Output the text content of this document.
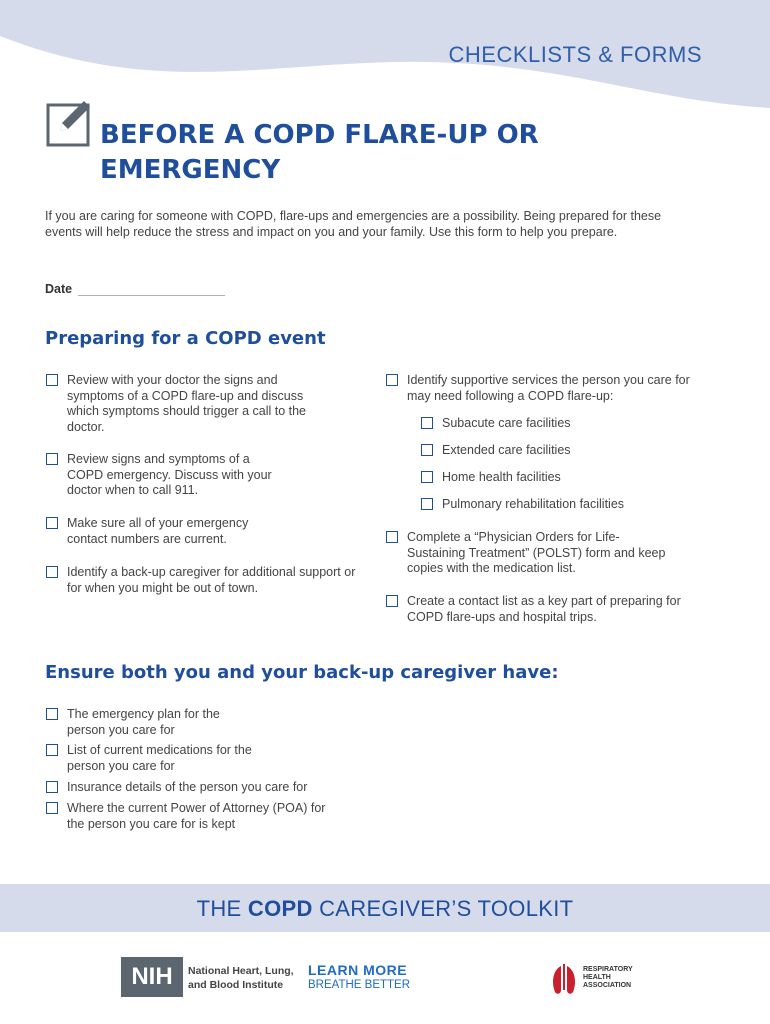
CHECKLISTS & FORMS
BEFORE A COPD FLARE-UP OR EMERGENCY
If you are caring for someone with COPD, flare-ups and emergencies are a possibility. Being prepared for these events will help reduce the stress and impact on you and your family. Use this form to help you prepare.
Date
Preparing for a COPD event
Review with your doctor the signs and symptoms of a COPD flare-up and discuss which symptoms should trigger a call to the doctor.
Review signs and symptoms of a COPD emergency. Discuss with your doctor when to call 911.
Make sure all of your emergency contact numbers are current.
Identify a back-up caregiver for additional support or for when you might be out of town.
Identify supportive services the person you care for may need following a COPD flare-up:
Subacute care facilities
Extended care facilities
Home health facilities
Pulmonary rehabilitation facilities
Complete a “Physician Orders for Life-Sustaining Treatment” (POLST) form and keep copies with the medication list.
Create a contact list as a key part of preparing for COPD flare-ups and hospital trips.
Ensure both you and your back-up caregiver have:
The emergency plan for the person you care for
List of current medications for the person you care for
Insurance details of the person you care for
Where the current Power of Attorney (POA) for the person you care for is kept
THE COPD CAREGIVER’S TOOLKIT
NIH	National Heart, Lung,
and Blood Institute
LEARN MORE
BREATHE BETTER
RESPIRATORY
HEALTH
ASSOCIATION
